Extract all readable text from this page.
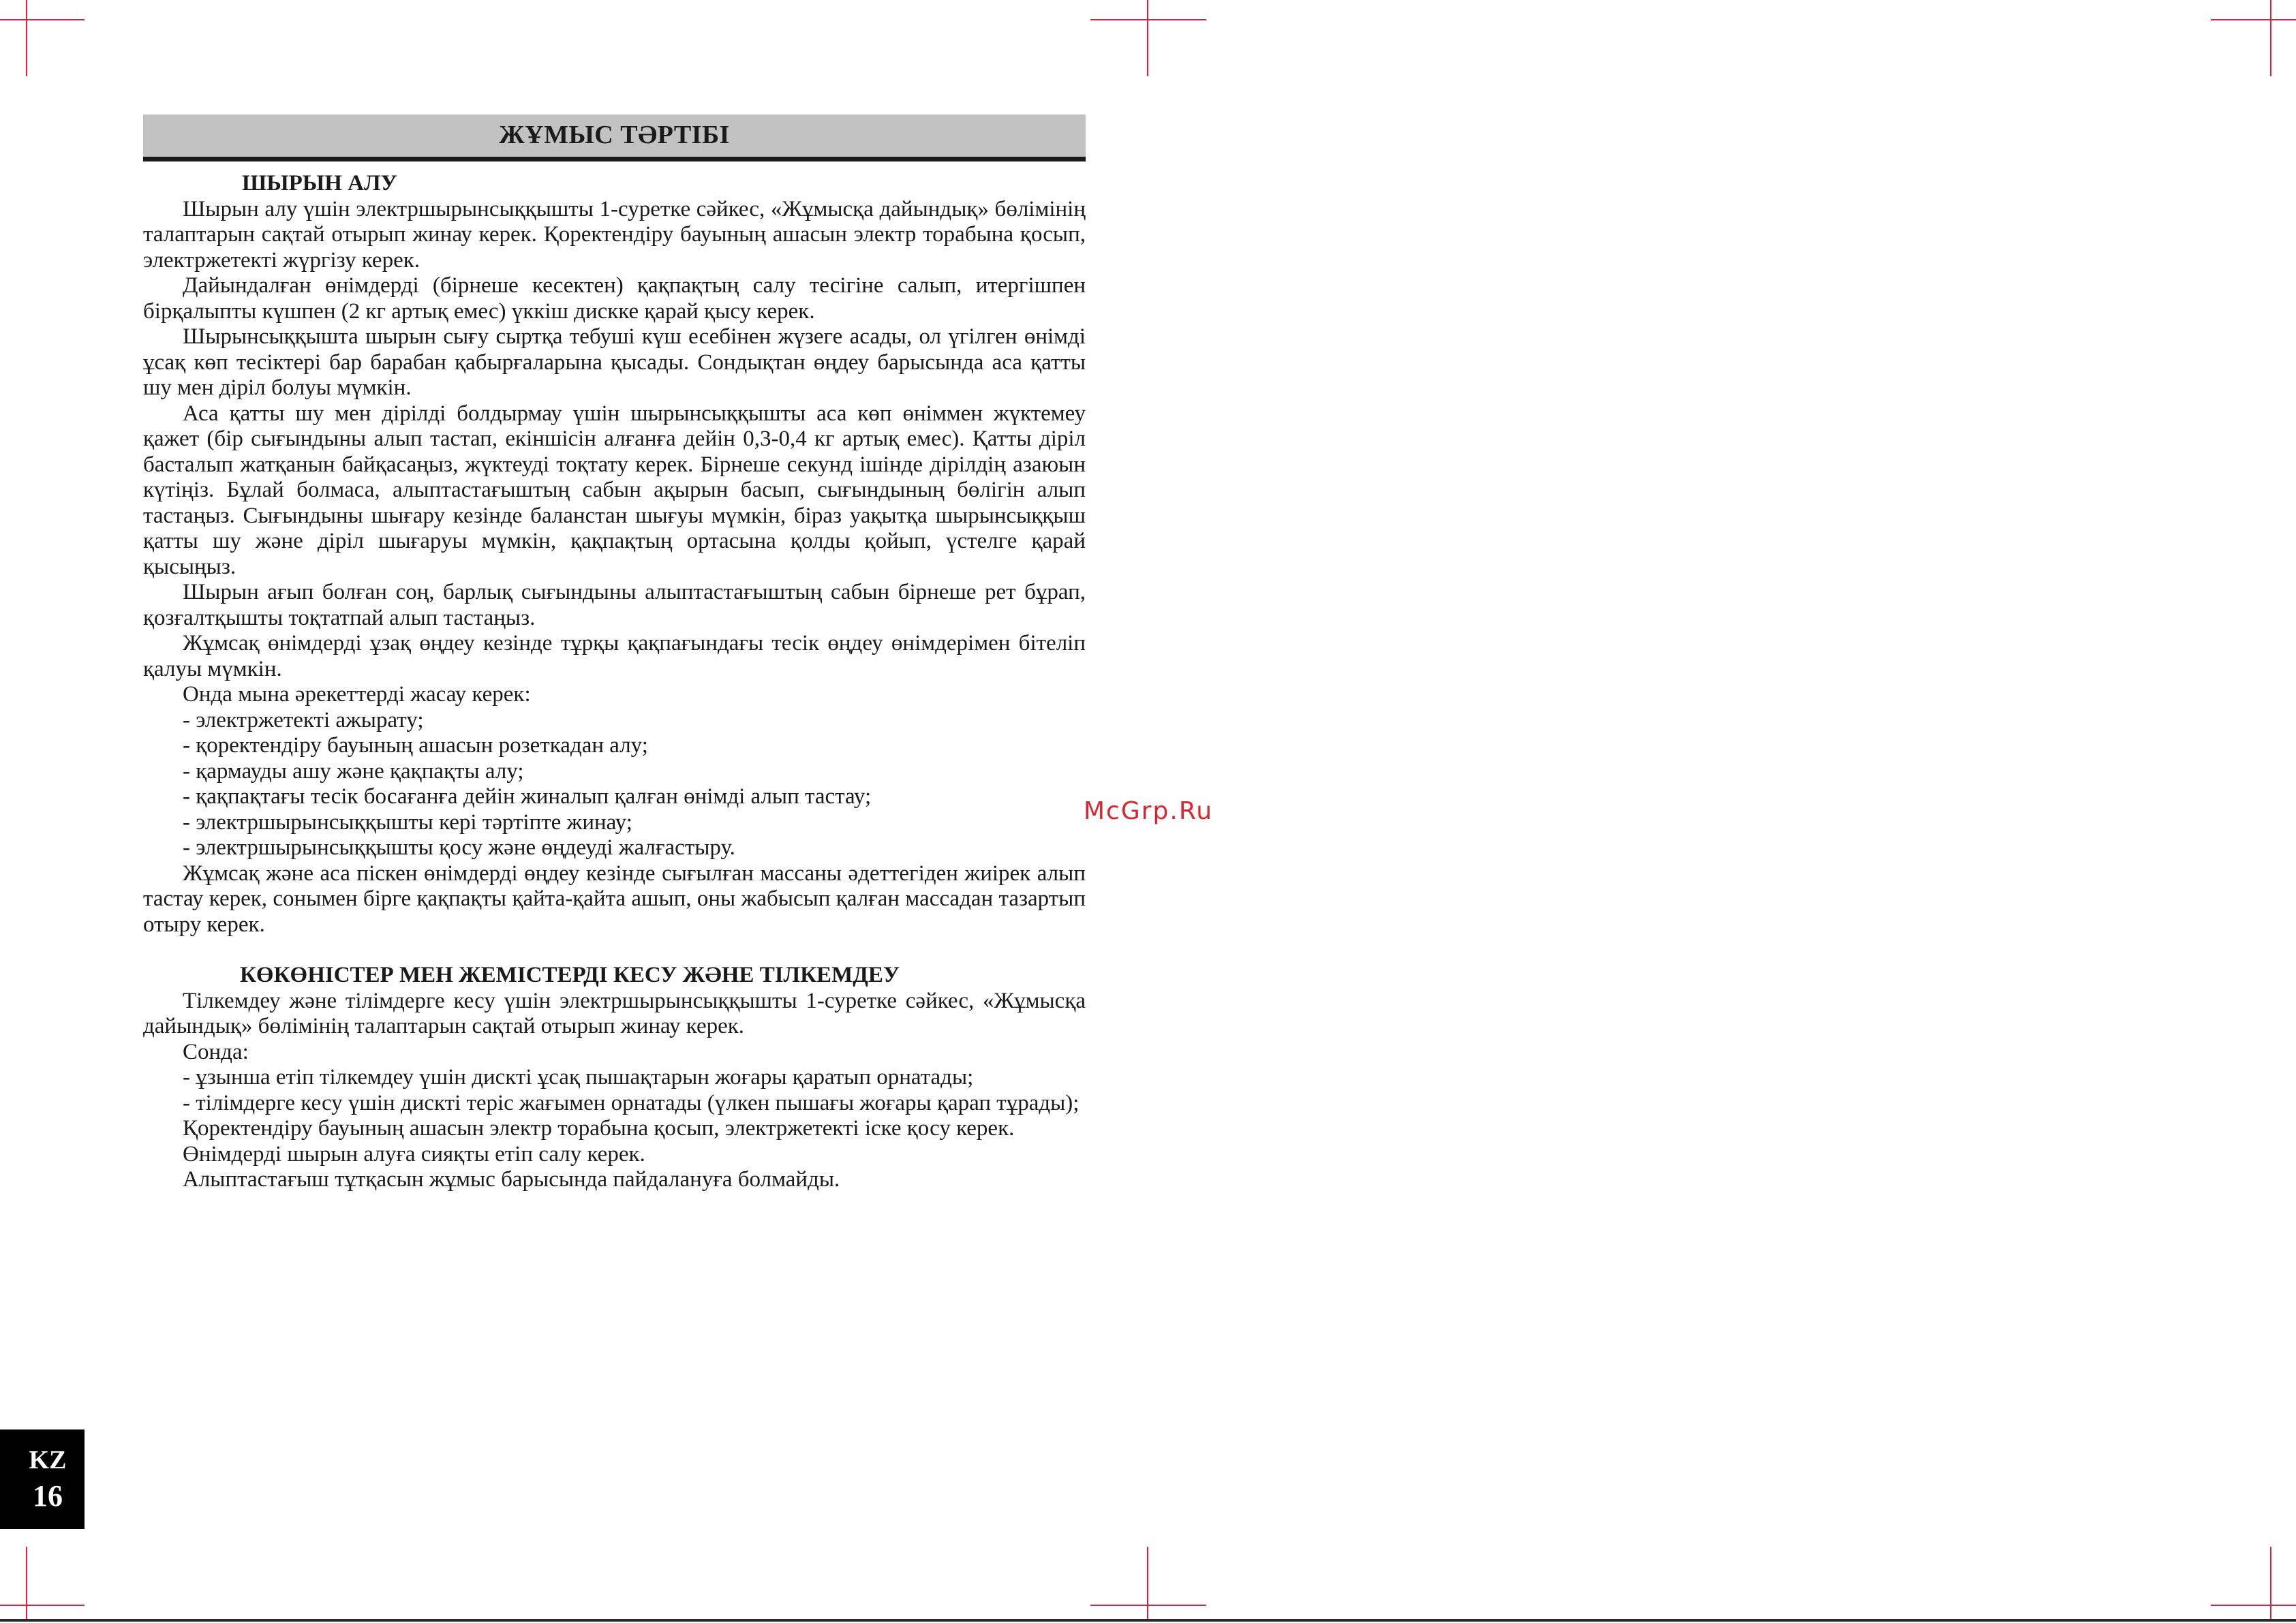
ЖҰМЫС ТӘРТІБІ

ШЫРЫН АЛУ

Шырын алу үшін электршырынсыққышты 1-суретке сәйкес, «Жұмысқа дайындық» бөлімінің талаптарын сақтай отырып жинау керек. Қоректендіру бауының ашасын электр торабына қосып, электржетекті жүргізу керек.

Дайындалған өнімдерді (бірнеше кесектен) қақпақтың салу тесігіне салып, итергішпен бірқалыпты күшпен (2 кг артық емес) үккіш дискке қарай қысу керек.

Шырынсыққышта шырын сығу сыртқа тебуші күш есебінен жүзеге асады, ол үгілген өнімді ұсақ көп тесіктері бар барабан қабырғаларына қысады. Сондықтан өңдеу барысында аса қатты шу мен діріл болуы мүмкін.

Аса қатты шу мен дірілді болдырмау үшін шырынсыққышты аса көп өніммен жүктемеу қажет (бір сығындыны алып тастап, екіншісін алғанға дейін 0,3-0,4 кг артық емес). Қатты діріл басталып жатқанын байқасаңыз, жүктеуді тоқтату керек. Бірнеше секунд ішінде дірілдің азаюын күтіңіз. Бұлай болмаса, алыптастағыштың сабын ақырын басып, сығындының бөлігін алып тастаңыз. Сығындыны шығару кезінде баланстан шығуы мүмкін, біраз уақытқа шырынсыққыш қатты шу және діріл шығаруы мүмкін, қақпақтың ортасына қолды қойып, үстелге қарай қысыңыз.

Шырын ағып болған соң, барлық сығындыны алыптастағыштың сабын бірнеше рет бұрап, қозғалтқышты тоқтатпай алып тастаңыз.

Жұмсақ өнімдерді ұзақ өңдеу кезінде тұрқы қақпағындағы тесік өңдеу өнімдерімен бітеліп қалуы мүмкін.

Онда мына әрекеттерді жасау керек:

- электржетекті ажырату;

- қоректендіру бауының ашасын розеткадан алу;

- қармауды ашу және қақпақты алу;

- қақпақтағы тесік босағанға дейін жиналып қалған өнімді алып тастау;

- электршырынсыққышты кері тәртіпте жинау;

- электршырынсыққышты қосу және өңдеуді жалғастыру.

Жұмсақ және аса піскен өнімдерді өңдеу кезінде сығылған массаны әдеттегіден жиірек алып тастау керек, сонымен бірге қақпақты қайта-қайта ашып, оны жабысып қалған массадан тазартып отыру керек.

КӨКӨНІСТЕР МЕН ЖЕМІСТЕРДІ КЕСУ ЖӘНЕ ТІЛКЕМДЕУ

Тілкемдеу және тілімдерге кесу үшін электршырынсыққышты 1-суретке сәйкес, «Жұмысқа дайындық» бөлімінің талаптарын сақтай отырып жинау керек.

Сонда:

- ұзынша етіп тілкемдеу үшін дискті ұсақ пышақтарын жоғары қаратып орнатады;

- тілімдерге кесу үшін дискті теріс жағымен орнатады (үлкен пышағы жоғары қарап тұрады);

Қоректендіру бауының ашасын электр торабына қосып, электржетекті іске қосу керек.

Өнімдерді шырын алуға сияқты етіп салу керек.

Алыптастағыш тұтқасын жұмыс барысында пайдалануға болмайды.

McGrp.Ru
KZ
16
